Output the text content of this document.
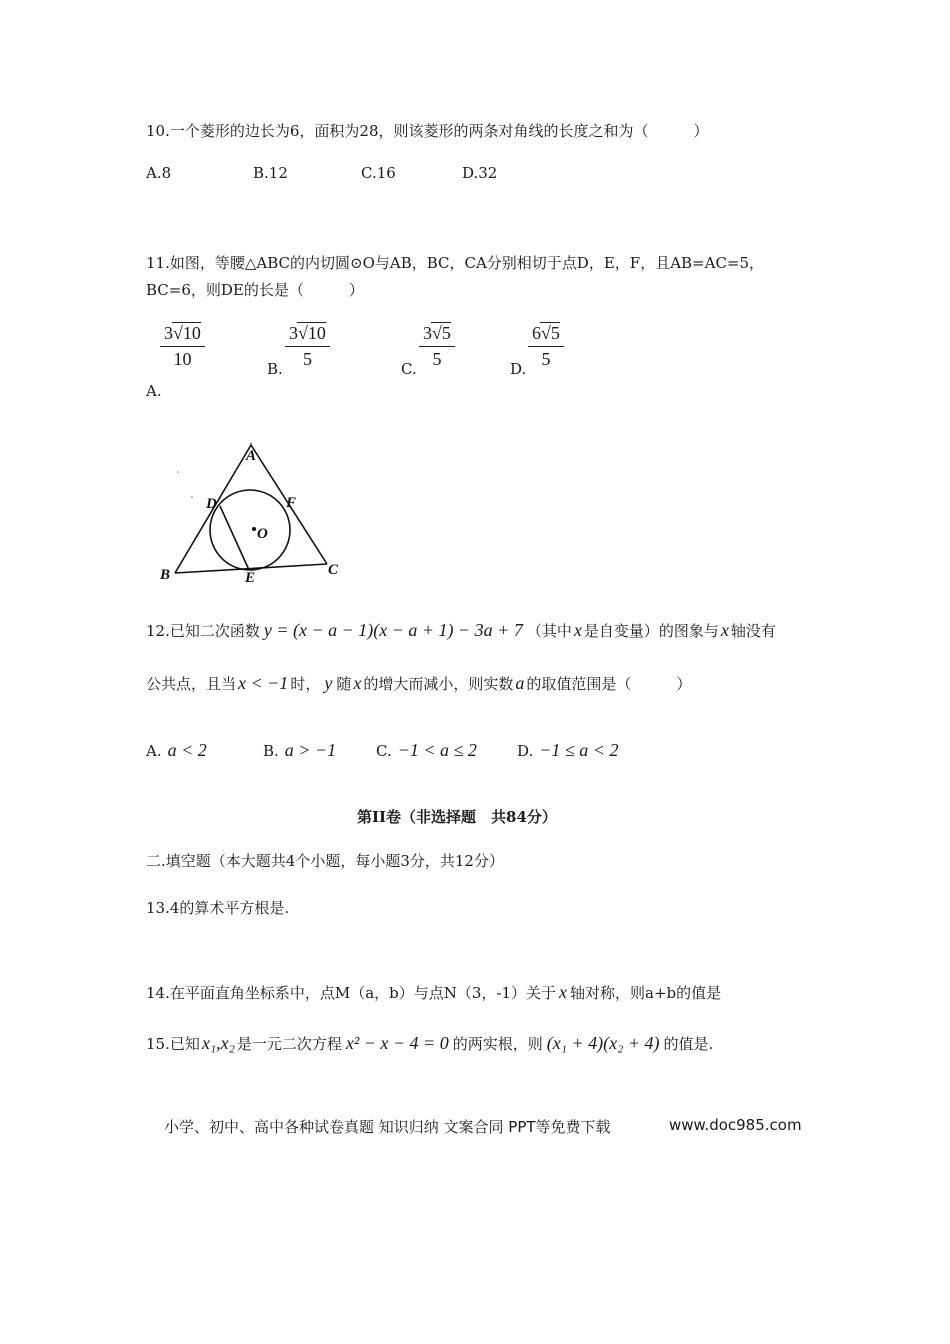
10.一个菱形的边长为6，面积为28，则该菱形的两条对角线的长度之和为（　　　）
A.8	B.12	C.16	D.32
11.如图，等腰△ABC的内切圆⊙O与AB，BC，CA分别相切于点D，E，F，且AB=AC=5，
BC=6，则DE的长是（　　　）
3√10
10
A.
B.
3√10
5	C.
3√5
5	D.
6√5
5
A
D	F
O
B	E	C
12.已知二次函数 y = (x − a − 1)(x − a + 1) − 3a + 7 （其中 x 是自变量）的图象与 x 轴没有
公共点，且当 x < −1 时， y 随 x 的增大而减小，则实数 a 的取值范围是（　　　）
A. a < 2	B. a > −1	C. −1 < a ≤ 2	D. −1 ≤ a < 2
第II卷（非选择题　共84分）
二.填空题（本大题共4个小题，每小题3分，共12分）
13.4的算术平方根是.
14.在平面直角坐标系中，点M（a，b）与点N（3，-1）关于 x 轴对称，则a+b的值是
15.已知 x₁,x₂ 是一元二次方程 x² − x − 4 = 0 的两实根，则 (x₁ + 4)(x₂ + 4) 的值是.
小学、初中、高中各种试卷真题 知识归纳 文案合同 PPT等免费下载	www.doc985.com
